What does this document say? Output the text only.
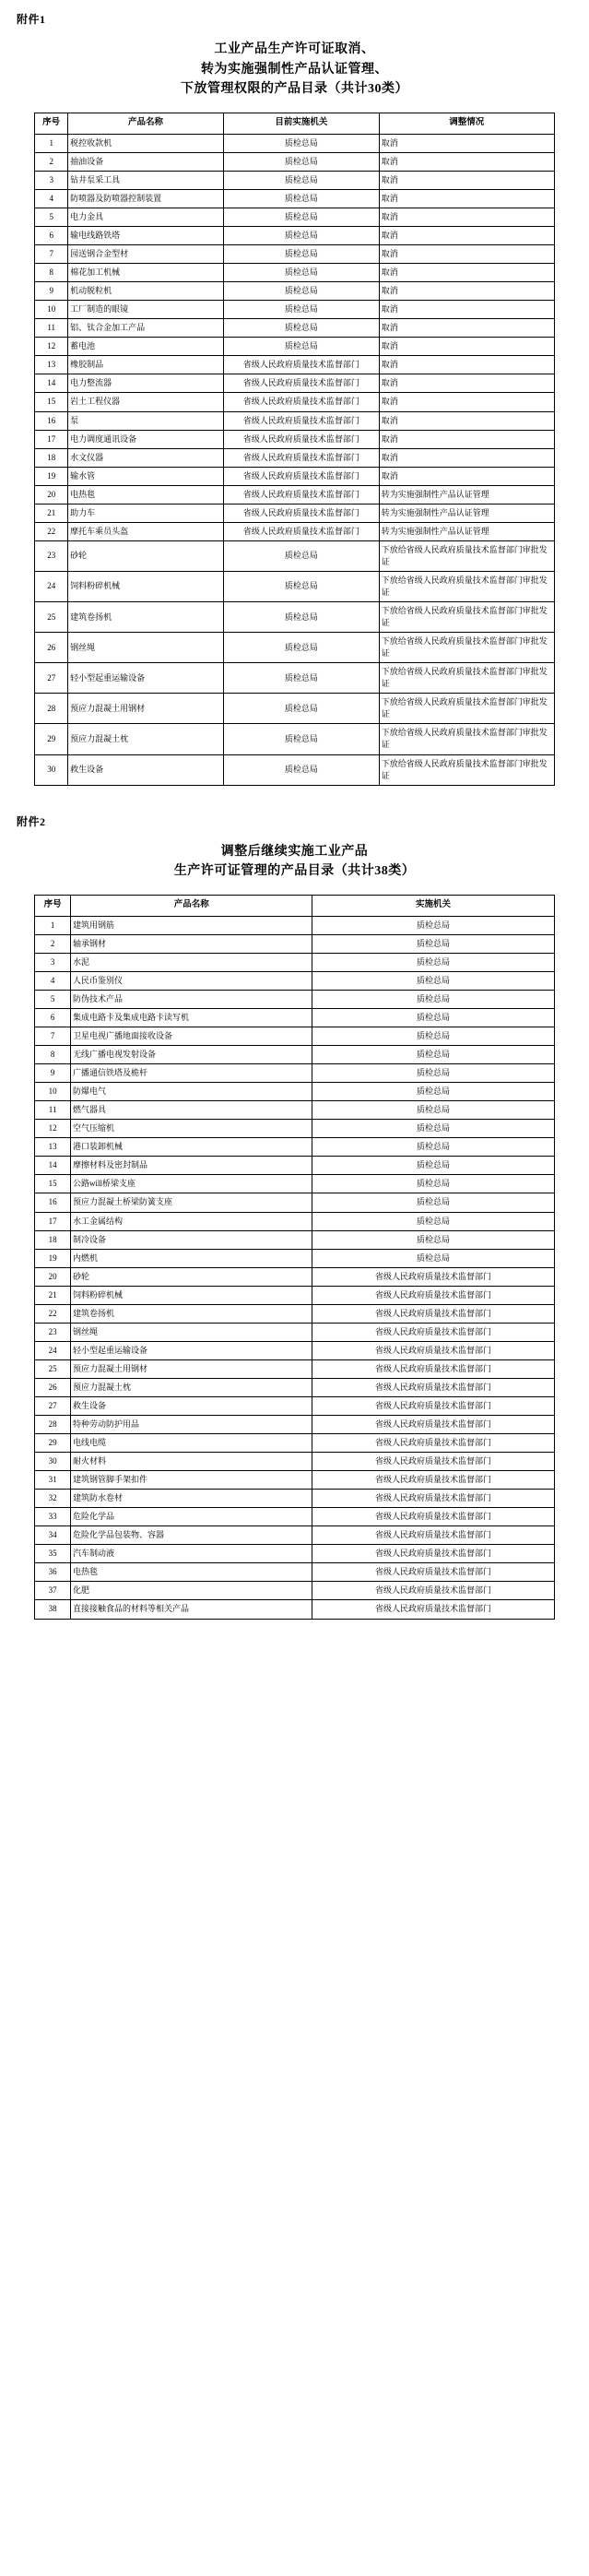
附件1
工业产品生产许可证取消、
转为实施强制性产品认证管理、
下放管理权限的产品目录（共计30类）
序号	产品名称	目前实施机关	调整情况
1	税控收款机	质检总局	取消
2	抽油设备	质检总局	取消
3	钻井泵采工具	质检总局	取消
4	防喷器及防喷器控制装置	质检总局	取消
5	电力金具	质检总局	取消
6	输电线路铁塔	质检总局	取消
7	园送钢合金型材	质检总局	取消
8	棉花加工机械	质检总局	取消
9	机动脱粒机	质检总局	取消
10	工厂制造的眼镜	质检总局	取消
11	铝、钛合金加工产品	质检总局	取消
12	蓄电池	质检总局	取消
13	橡胶制品	省级人民政府质量技术监督部门	取消
14	电力整流器	省级人民政府质量技术监督部门	取消
15	岩土工程仪器	省级人民政府质量技术监督部门	取消
16	泵	省级人民政府质量技术监督部门	取消
17	电力调度通讯设备	省级人民政府质量技术监督部门	取消
18	水文仪器	省级人民政府质量技术监督部门	取消
19	输水管	省级人民政府质量技术监督部门	取消
20	电热毯	省级人民政府质量技术监督部门	转为实施强制性产品认证管理
21	助力车	省级人民政府质量技术监督部门	转为实施强制性产品认证管理
22	摩托车乘员头盔	省级人民政府质量技术监督部门	转为实施强制性产品认证管理
23	砂轮	质检总局	下放给省级人民政府质量技术监督部门审批发证
24	饲料粉碎机械	质检总局	下放给省级人民政府质量技术监督部门审批发证
25	建筑卷扬机	质检总局	下放给省级人民政府质量技术监督部门审批发证
26	钢丝绳	质检总局	下放给省级人民政府质量技术监督部门审批发证
27	轻小型起重运输设备	质检总局	下放给省级人民政府质量技术监督部门审批发证
28	预应力混凝土用钢材	质检总局	下放给省级人民政府质量技术监督部门审批发证
29	预应力混凝土枕	质检总局	下放给省级人民政府质量技术监督部门审批发证
30	救生设备	质检总局	下放给省级人民政府质量技术监督部门审批发证
附件2
调整后继续实施工业产品
生产许可证管理的产品目录（共计38类）
序号	产品名称	实施机关
1	建筑用钢筋	质检总局
2	轴承钢材	质检总局
3	水泥	质检总局
4	人民币鉴别仪	质检总局
5	防伪技术产品	质检总局
6	集成电路卡及集成电路卡读写机	质检总局
7	卫星电视广播地面接收设备	质检总局
8	无线广播电视发射设备	质检总局
9	广播通信铁塔及桅杆	质检总局
10	防爆电气	质检总局
11	燃气器具	质检总局
12	空气压缩机	质检总局
13	港口装卸机械	质检总局
14	摩擦材料及密封制品	质检总局
15	公路will桥梁支座	质检总局
16	预应力混凝土桥梁防簧支座	质检总局
17	水工金属结构	质检总局
18	制冷设备	质检总局
19	内燃机	质检总局
20	砂轮	省级人民政府质量技术监督部门
21	饲料粉碎机械	省级人民政府质量技术监督部门
22	建筑卷扬机	省级人民政府质量技术监督部门
23	钢丝绳	省级人民政府质量技术监督部门
24	轻小型起重运输设备	省级人民政府质量技术监督部门
25	预应力混凝土用钢材	省级人民政府质量技术监督部门
26	预应力混凝土枕	省级人民政府质量技术监督部门
27	救生设备	省级人民政府质量技术监督部门
28	特种劳动防护用品	省级人民政府质量技术监督部门
29	电线电缆	省级人民政府质量技术监督部门
30	耐火材料	省级人民政府质量技术监督部门
31	建筑钢管脚手架扣件	省级人民政府质量技术监督部门
32	建筑防水卷材	省级人民政府质量技术监督部门
33	危险化学品	省级人民政府质量技术监督部门
34	危险化学品包装物、容器	省级人民政府质量技术监督部门
35	汽车制动液	省级人民政府质量技术监督部门
36	电热毯	省级人民政府质量技术监督部门
37	化肥	省级人民政府质量技术监督部门
38	直接接触食品的材料等相关产品	省级人民政府质量技术监督部门
